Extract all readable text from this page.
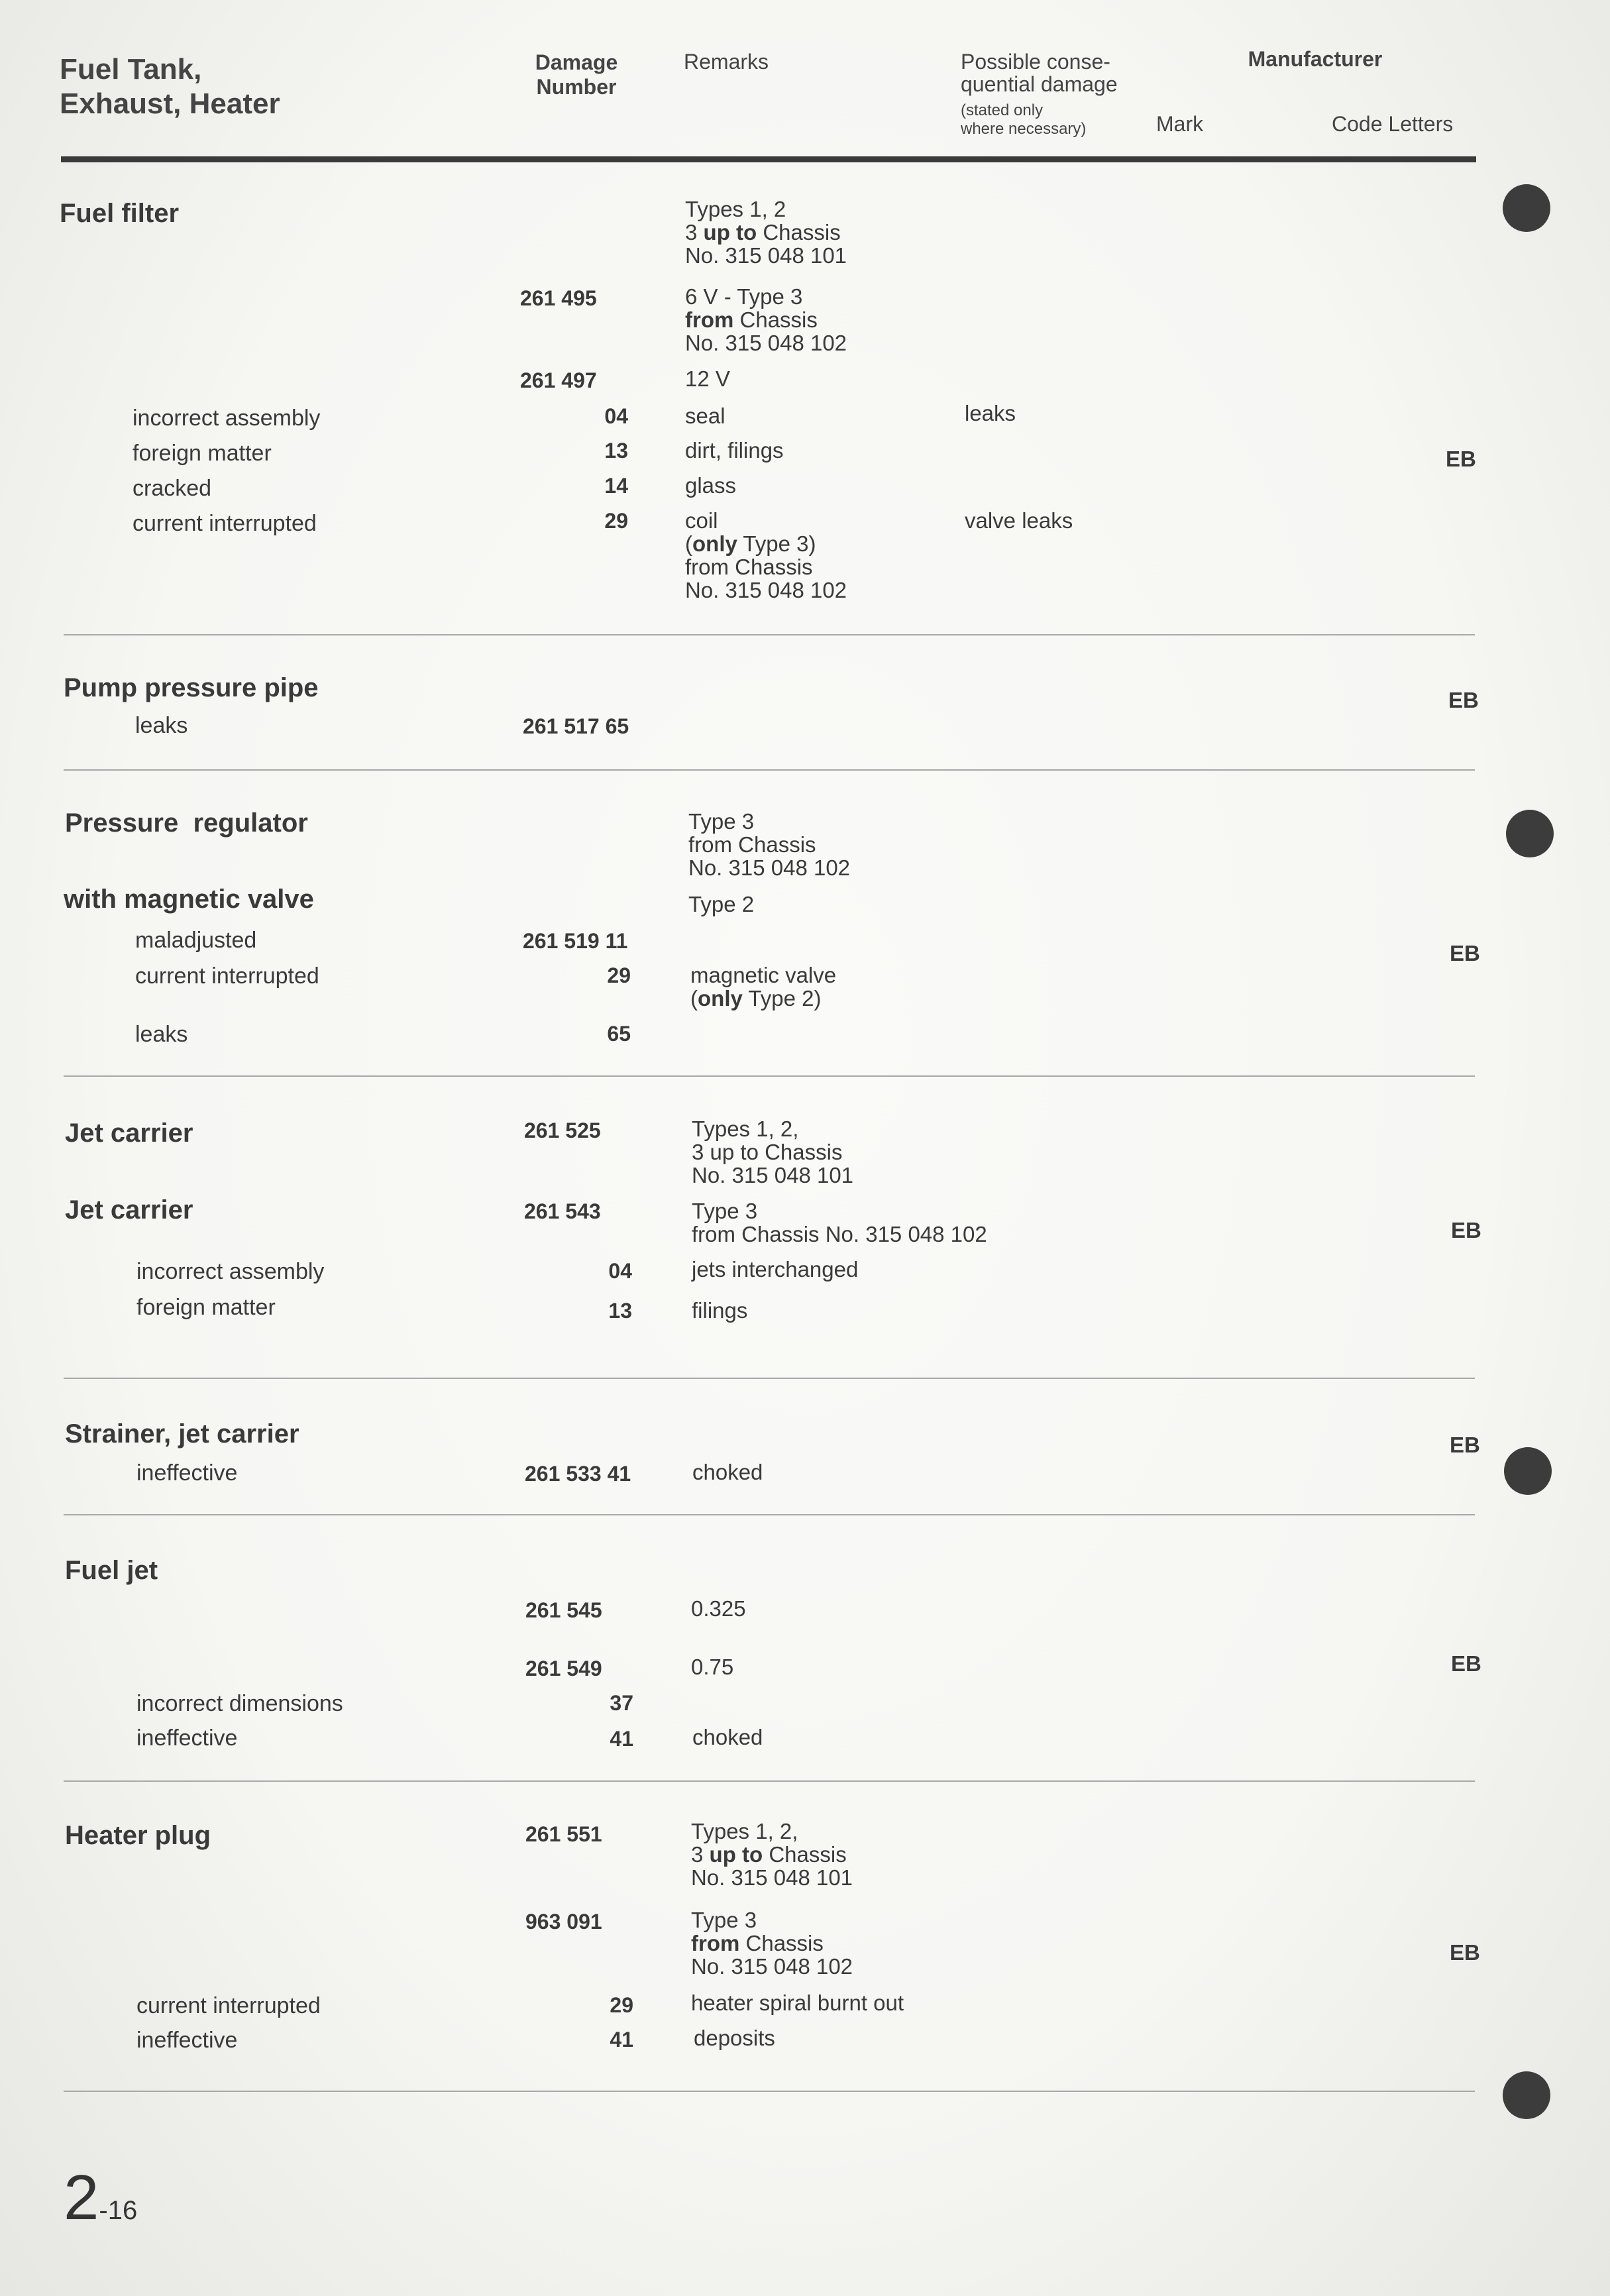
Fuel Tank,
Exhaust, Heater
Damage
Number
Remarks	Possible conse-
quential damage
(stated only
where necessary)
Manufacturer
Mark	Code Letters
Fuel filter	Types 1, 2
3 up to Chassis
No. 315 048 101
261 495	6 V - Type 3
from Chassis
No. 315 048 102
261 497	12 V
incorrect assembly	04	seal	leaks
foreign matter	13	dirt, filings
cracked	14	glass
current interrupted	29	coil	valve leaks
(only Type 3)
from Chassis
No. 315 048 102
EB
Pump pressure pipe
leaks	261 517 65
EB
Pressure  regulator	Type 3
from Chassis
No. 315 048 102
with magnetic valve	Type 2
maladjusted	261 519 11
current interrupted	29	magnetic valve
(only Type 2)
leaks	65
EB
Jet carrier	261 525	Types 1, 2,
3 up to Chassis
No. 315 048 101
Jet carrier	261 543	Type 3
from Chassis No. 315 048 102
incorrect assembly	04	jets interchanged
foreign matter	13	filings
EB
Strainer, jet carrier
ineffective	261 533 41	choked
EB
Fuel jet
261 545	0.325
261 549	0.75
incorrect dimensions	37
ineffective	41	choked
EB
Heater plug	261 551	Types 1, 2,
3 up to Chassis
No. 315 048 101
963 091	Type 3
from Chassis
No. 315 048 102
current interrupted	29	heater spiral burnt out
ineffective	41	deposits
EB
2-16
